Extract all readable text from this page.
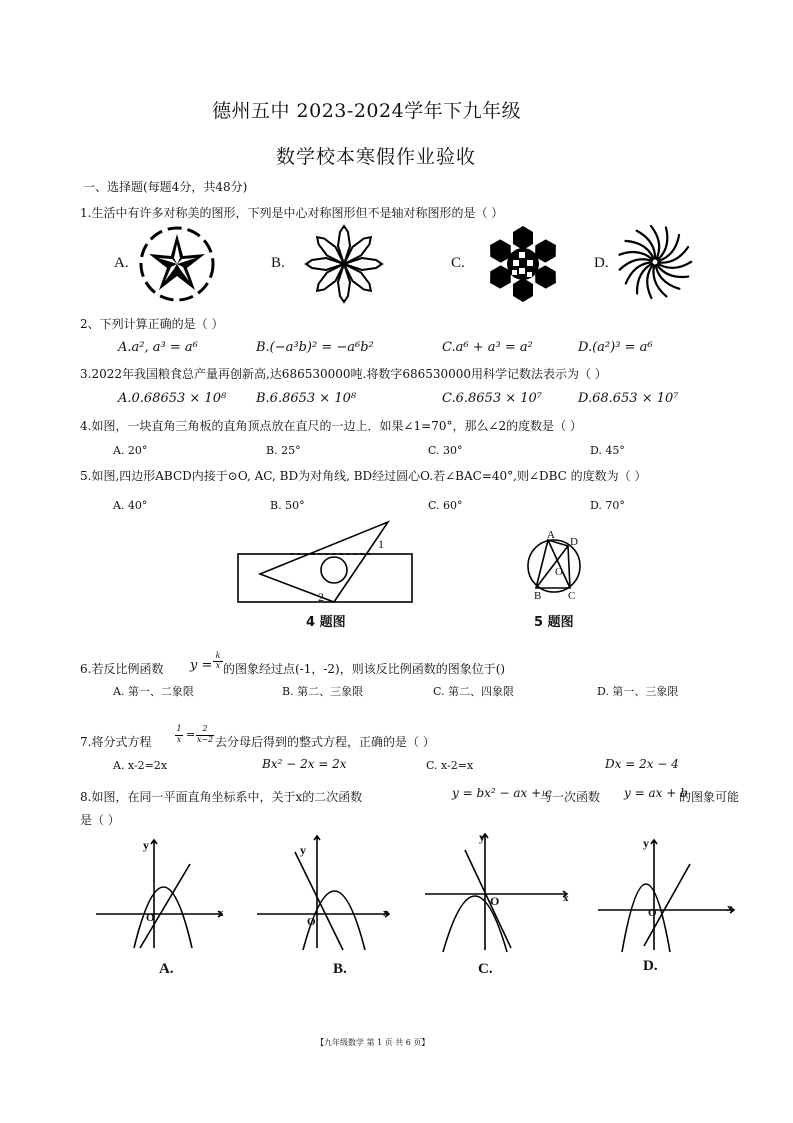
德州五中 2023-2024学年下九年级
数学校本寒假作业验收
一、选择题(每题4分，共48分)
1.生活中有许多对称美的图形，下列是中心对称图形但不是轴对称图形的是（ ）
A.	B.	C.	D.
2、下列计算正确的是（ ）
A.a², a³ = a⁶	B.(−a³b)² = −a⁶b²	C.a⁶ + a³ = a²	D.(a²)³ = a⁶
3.2022年我国粮食总产量再创新高,达686530000吨.将数字686530000用科学记数法表示为（ ）
A.0.68653 × 10⁸ B.6.8653 × 10⁸	C.6.8653 × 10⁷	D.68.653 × 10⁷
4.如图，一块直角三角板的直角顶点放在直尺的一边上．如果∠1=70°，那么∠2的度数是（ ）
A. 20°	B. 25°	C. 30°	D. 45°
5.如图,四边形ABCD内接于⊙O, AC, BD为对角线, BD经过圆心O.若∠BAC=40°,则∠DBC 的度数为（ ）
A. 40°	B. 50°	C. 60°	D. 70°
1
2
4 题图
A
D
O
B C
5 题图
6.若反比例函数 y =
k
x 的图象经过点(-1，-2)，则该反比例函数的图象位于()
A. 第一、二象限	B. 第二、三象限	C. 第二、四象限	D. 第一、三象限
7.将分式方程
1
x = 2
x−2 去分母后得到的整式方程，正确的是（ ）
A. x-2=2x	Bx² − 2x = 2x	C. x-2=x	Dx = 2x − 4
8.如图，在同一平面直角坐标系中，关于x的二次函数	y = bx² − ax + c
与一次函数 y = ax + b
的图象可能
是（ ）
y
x
O
A.
y
x
O
B.
y
x
O
C.
y
x
O
D.
【九年级数学 第 1 页 共 6 页】
